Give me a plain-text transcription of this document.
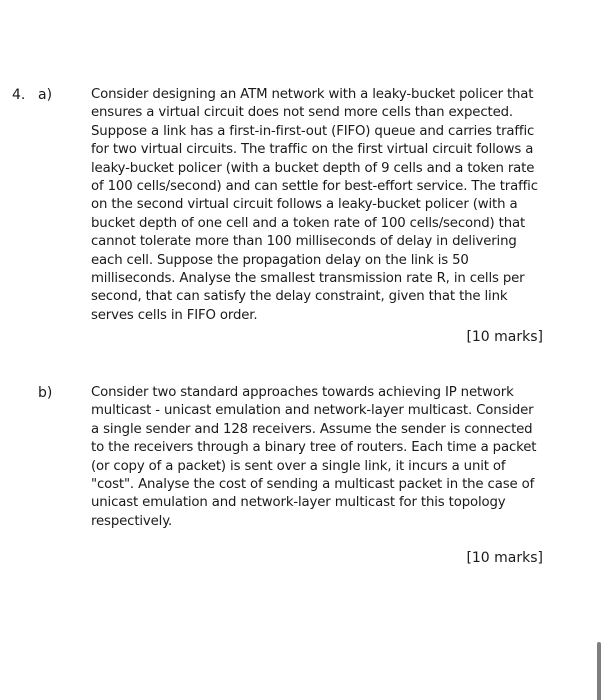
4. a)	Consider designing an ATM network with a leaky-bucket policer that ensures a virtual circuit does not send more cells than expected. Suppose a link has a first-in-first-out (FIFO) queue and carries traffic for two virtual circuits. The traffic on the first virtual circuit follows a leaky-bucket policer (with a bucket depth of 9 cells and a token rate of 100 cells/second) and can settle for best-effort service. The traffic on the second virtual circuit follows a leaky-bucket policer (with a bucket depth of one cell and a token rate of 100 cells/second) that cannot tolerate more than 100 milliseconds of delay in delivering each cell. Suppose the propagation delay on the link is 50 milliseconds. Analyse the smallest transmission rate R, in cells per second, that can satisfy the delay constraint, given that the link serves cells in FIFO order.
[10 marks]
b)	Consider two standard approaches towards achieving IP network multicast - unicast emulation and network-layer multicast. Consider a single sender and 128 receivers. Assume the sender is connected to the receivers through a binary tree of routers. Each time a packet (or copy of a packet) is sent over a single link, it incurs a unit of "cost". Analyse the cost of sending a multicast packet in the case of unicast emulation and network-layer multicast for this topology respectively.
[10 marks]
